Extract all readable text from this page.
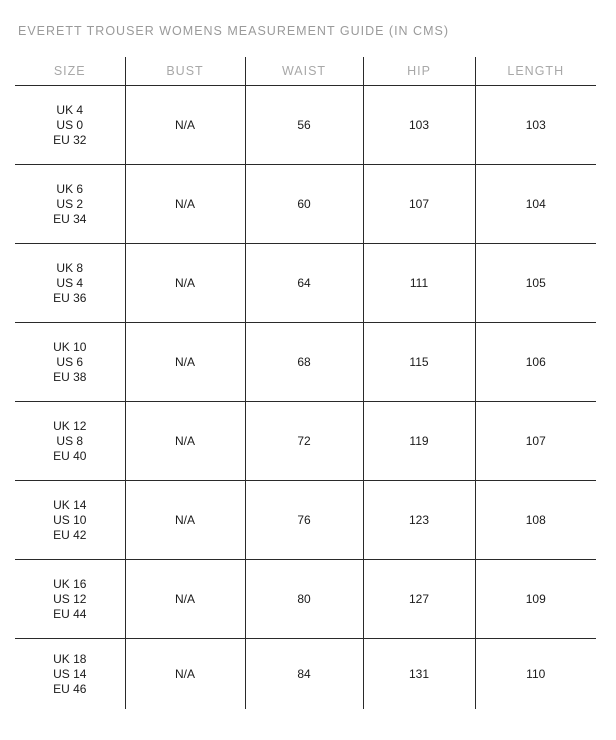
EVERETT TROUSER WOMENS MEASUREMENT GUIDE (IN CMS)
SIZE	BUST	WAIST	HIP	LENGTH

UK 4
US 0
EU 32	N/A	56	103	103

UK 6
US 2
EU 34	N/A	60	107	104

UK 8
US 4
EU 36	N/A	64	111	105

UK 10
US 6
EU 38	N/A	68	115	106

UK 12
US 8
EU 40	N/A	72	119	107

UK 14
US 10
EU 42	N/A	76	123	108

UK 16
US 12
EU 44	N/A	80	127	109

UK 18
US 14
EU 46	N/A	84	131	110
